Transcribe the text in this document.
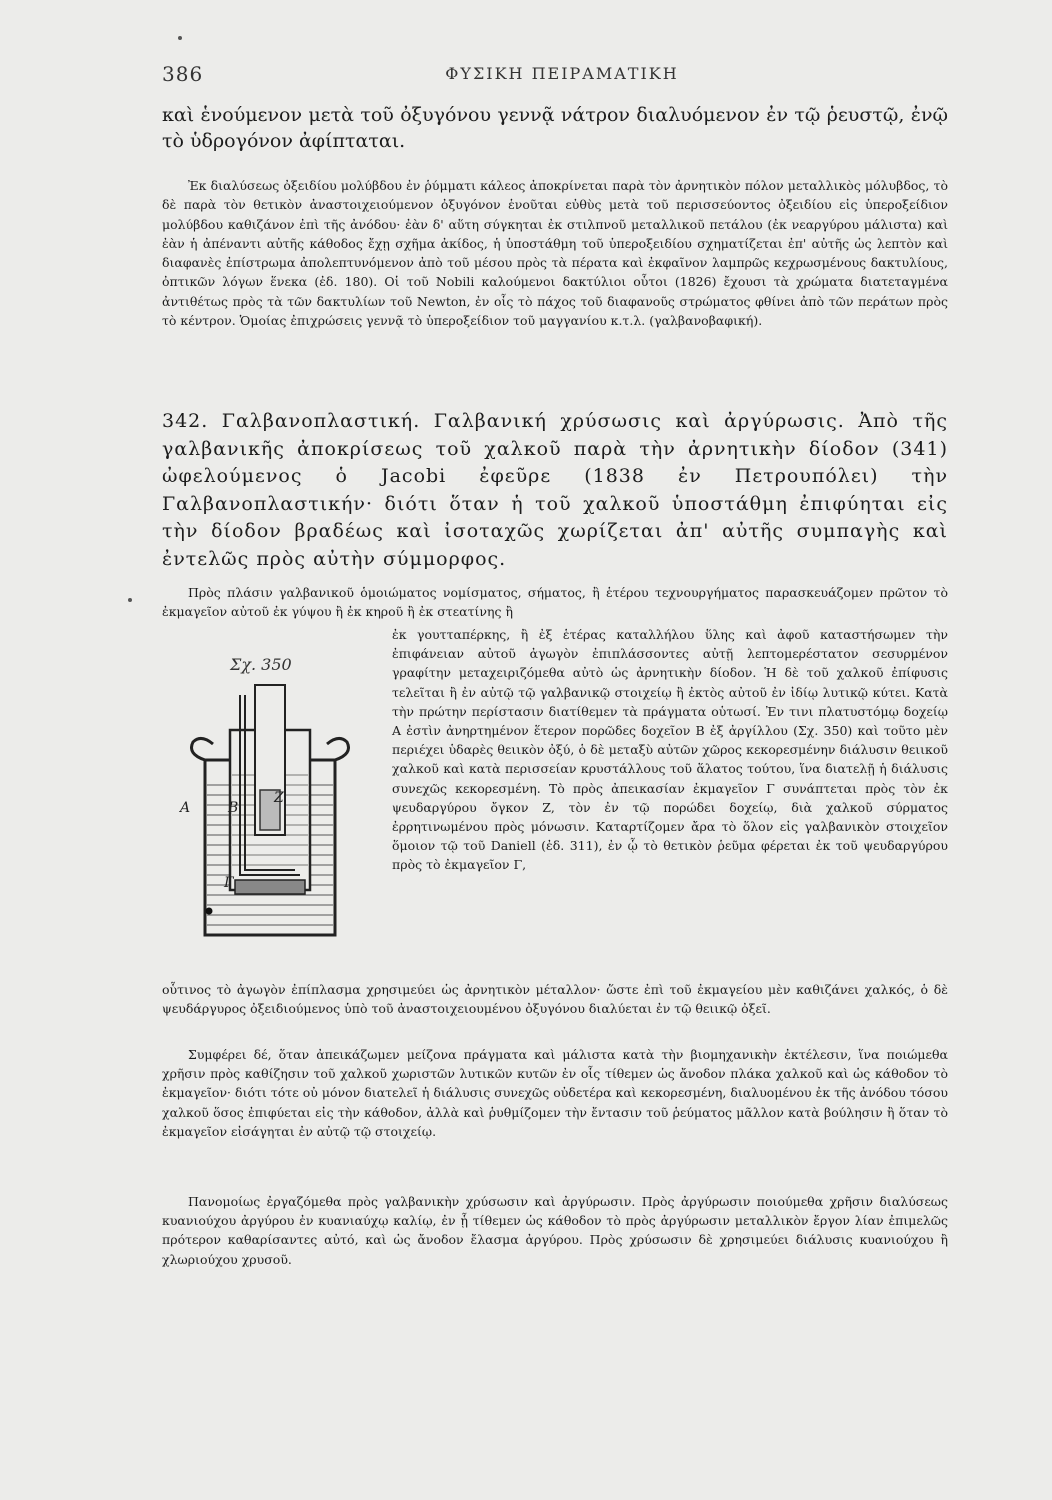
386	ΦΥΣΙΚΗ ΠΕΙΡΑΜΑΤΙΚΗ

καὶ ἑνούμενον μετὰ τοῦ ὀξυγόνου γεννᾷ νάτρον διαλυόμενον ἐν τῷ ῥευστῷ, ἐνῷ τὸ ὑδρογόνον ἀφίπταται.

Ἐκ διαλύσεως ὀξειδίου μολύβδου ἐν ῥύμματι κάλεος ἀποκρίνεται παρὰ τὸν ἀρνητικὸν πόλον μεταλλικὸς μόλυβδος, τὸ δὲ παρὰ τὸν θετικὸν ἀναστοιχειούμενον ὀξυγόνον ἑνοῦται εὐθὺς μετὰ τοῦ περισσεύοντος ὀξειδίου εἰς ὑπεροξείδιον μολύβδου καθιζάνον ἐπὶ τῆς ἀνόδου· ἐὰν δ' αὕτη σύγκηται ἐκ στιλπνοῦ μεταλλικοῦ πετάλου (ἐκ νεαργύρου μάλιστα) καὶ ἐὰν ἡ ἀπέναντι αὐτῆς κάθοδος ἔχῃ σχῆμα ἀκίδος, ἡ ὑποστάθμη τοῦ ὑπεροξειδίου σχηματίζεται ἐπ' αὐτῆς ὡς λεπτὸν καὶ διαφανὲς ἐπίστρωμα ἀπολεπτυνόμενον ἀπὸ τοῦ μέσου πρὸς τὰ πέρατα καὶ ἐκφαῖνον λαμπρῶς κεχρωσμένους δακτυλίους, ὀπτικῶν λόγων ἕνεκα (ἐδ. 180). Οἱ τοῦ Nobili καλούμενοι δακτύλιοι οὗτοι (1826) ἔχουσι τὰ χρώματα διατεταγμένα ἀντιθέτως πρὸς τὰ τῶν δακτυλίων τοῦ Newton, ἐν οἷς τὸ πάχος τοῦ διαφανοῦς στρώματος φθίνει ἀπὸ τῶν περάτων πρὸς τὸ κέντρον. Ὁμοίας ἐπιχρώσεις γεννᾷ τὸ ὑπεροξείδιον τοῦ μαγγανίου κ.τ.λ. (γαλβανοβαφική).

342. Γαλβανοπλαστική. Γαλβανική χρύσωσις καὶ ἀργύρωσις. Ἀπὸ τῆς γαλβανικῆς ἀποκρίσεως τοῦ χαλκοῦ παρὰ τὴν ἀρνητικὴν δίοδον (341) ὠφελούμενος ὁ Jacobi ἐφεῦρε (1838 ἐν Πετρουπόλει) τὴν Γαλβανοπλαστικήν· διότι ὅταν ἡ τοῦ χαλκοῦ ὑποστάθμη ἐπιφύηται εἰς τὴν δίοδον βραδέως καὶ ἰσοταχῶς χωρίζεται ἀπ' αὐτῆς συμπαγὴς καὶ ἐντελῶς πρὸς αὐτὴν σύμμορφος.

Πρὸς πλάσιν γαλβανικοῦ ὁμοιώματος νομίσματος, σήματος, ἢ ἑτέρου τεχνουργήματος παρασκευάζομεν πρῶτον τὸ ἐκμαγεῖον αὐτοῦ ἐκ γύψου ἢ ἐκ κηροῦ ἢ ἐκ στεατίνης ἢ

Σχ. 350
A	B
Z
Γ

ἐκ γουτταπέρκης, ἢ ἐξ ἑτέρας καταλλήλου ὕλης καὶ ἀφοῦ καταστήσωμεν τὴν ἐπιφάνειαν αὐτοῦ ἀγωγὸν ἐπιπλάσσοντες αὐτῇ λεπτομερέστατον σεσυρμένον γραφίτην μεταχειριζόμεθα αὐτὸ ὡς ἀρνητικὴν δίοδον. Ἡ δὲ τοῦ χαλκοῦ ἐπίφυσις τελεῖται ἢ ἐν αὐτῷ τῷ γαλβανικῷ στοιχείῳ ἢ ἐκτὸς αὐτοῦ ἐν ἰδίῳ λυτικῷ κύτει. Κατὰ τὴν πρώτην περίστασιν διατίθεμεν τὰ πράγματα οὑτωσί. Ἐν τινι πλατυστόμῳ δοχείῳ Α ἐστὶν ἀνηρτημένον ἕτερον πορῶδες δοχεῖον Β ἐξ ἀργίλλου (Σχ. 350) καὶ τοῦτο μὲν περιέχει ὑδαρὲς θειικὸν ὀξύ, ὁ δὲ μεταξὺ αὐτῶν χῶρος κεκορεσμένην διάλυσιν θειικοῦ χαλκοῦ καὶ κατὰ περισσείαν κρυστάλλους τοῦ ἅλατος τούτου, ἵνα διατελῇ ἡ διάλυσις συνεχῶς κεκορεσμένη. Τὸ πρὸς ἀπεικασίαν ἐκμαγεῖον Γ συνάπτεται πρὸς τὸν ἐκ ψευδαργύρου ὄγκον Ζ, τὸν ἐν τῷ πορώδει δοχείῳ, διὰ χαλκοῦ σύρματος ἐρρητινωμένου πρὸς μόνωσιν. Καταρτίζομεν ἄρα τὸ ὅλον εἰς γαλβανικὸν στοιχεῖον ὅμοιον τῷ τοῦ Daniell (ἐδ. 311), ἐν ᾧ τὸ θετικὸν ῥεῦμα φέρεται ἐκ τοῦ ψευδαργύρου πρὸς τὸ ἐκμαγεῖον Γ,

οὗτινος τὸ ἀγωγὸν ἐπίπλασμα χρησιμεύει ὡς ἀρνητικὸν μέταλλον· ὥστε ἐπὶ τοῦ ἐκμαγείου μὲν καθιζάνει χαλκός, ὁ δὲ ψευδάργυρος ὀξειδιούμενος ὑπὸ τοῦ ἀναστοιχειουμένου ὀξυγόνου διαλύεται ἐν τῷ θειικῷ ὀξεῖ.

Συμφέρει δέ, ὅταν ἀπεικάζωμεν μείζονα πράγματα καὶ μάλιστα κατὰ τὴν βιομηχανικὴν ἐκτέλεσιν, ἵνα ποιώμεθα χρῆσιν πρὸς καθίζησιν τοῦ χαλκοῦ χωριστῶν λυτικῶν κυτῶν ἐν οἷς τίθεμεν ὡς ἄνοδον πλάκα χαλκοῦ καὶ ὡς κάθοδον τὸ ἐκμαγεῖον· διότι τότε οὐ μόνον διατελεῖ ἡ διάλυσις συνεχῶς οὐδετέρα καὶ κεκορεσμένη, διαλυομένου ἐκ τῆς ἀνόδου τόσου χαλκοῦ ὅσος ἐπιφύεται εἰς τὴν κάθοδον, ἀλλὰ καὶ ῥυθμίζομεν τὴν ἔντασιν τοῦ ῥεύματος μᾶλλον κατὰ βούλησιν ἢ ὅταν τὸ ἐκμαγεῖον εἰσάγηται ἐν αὐτῷ τῷ στοιχείῳ.

Πανομοίως ἐργαζόμεθα πρὸς γαλβανικὴν χρύσωσιν καὶ ἀργύρωσιν. Πρὸς ἀργύρωσιν ποιούμεθα χρῆσιν διαλύσεως κυανιούχου ἀργύρου ἐν κυανιαύχῳ καλίῳ, ἐν ᾗ τίθεμεν ὡς κάθοδον τὸ πρὸς ἀργύρωσιν μεταλλικὸν ἔργον λίαν ἐπιμελῶς πρότερον καθαρίσαντες αὐτό, καὶ ὡς ἄνοδον ἔλασμα ἀργύρου. Πρὸς χρύσωσιν δὲ χρησιμεύει διάλυσις κυανιούχου ἢ χλωριούχου χρυσοῦ.
